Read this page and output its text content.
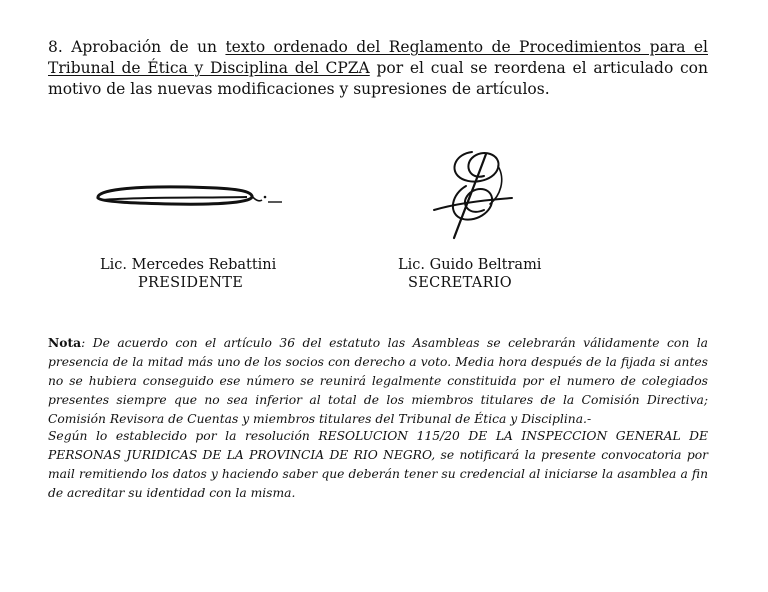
8. Aprobación de un texto ordenado del Reglamento de Procedimientos para el Tribunal de Ética y Disciplina del CPZA por el cual se reordena el articulado con motivo de las nuevas modificaciones y supresiones de artículos.
Lic. Mercedes Rebattini
PRESIDENTE
Lic. Guido Beltrami
SECRETARIO
Nota: De acuerdo con el artículo 36 del estatuto las Asambleas se celebrarán válidamente con la presencia de la mitad más uno de los socios con derecho a voto. Media hora después de la fijada si antes no se hubiera conseguido ese número se reunirá legalmente constituida por el numero de colegiados presentes siempre que no sea inferior al total de los miembros titulares de la Comisión Directiva; Comisión Revisora de Cuentas y miembros titulares del Tribunal de Ética y Disciplina.-
Según lo establecido por la resolución RESOLUCION 115/20 DE LA INSPECCION GENERAL DE PERSONAS JURIDICAS DE LA PROVINCIA DE RIO NEGRO, se notificará la presente convocatoria por mail remitiendo los datos y haciendo saber que deberán tener su credencial al iniciarse la asamblea a fin de acreditar su identidad con la misma.
